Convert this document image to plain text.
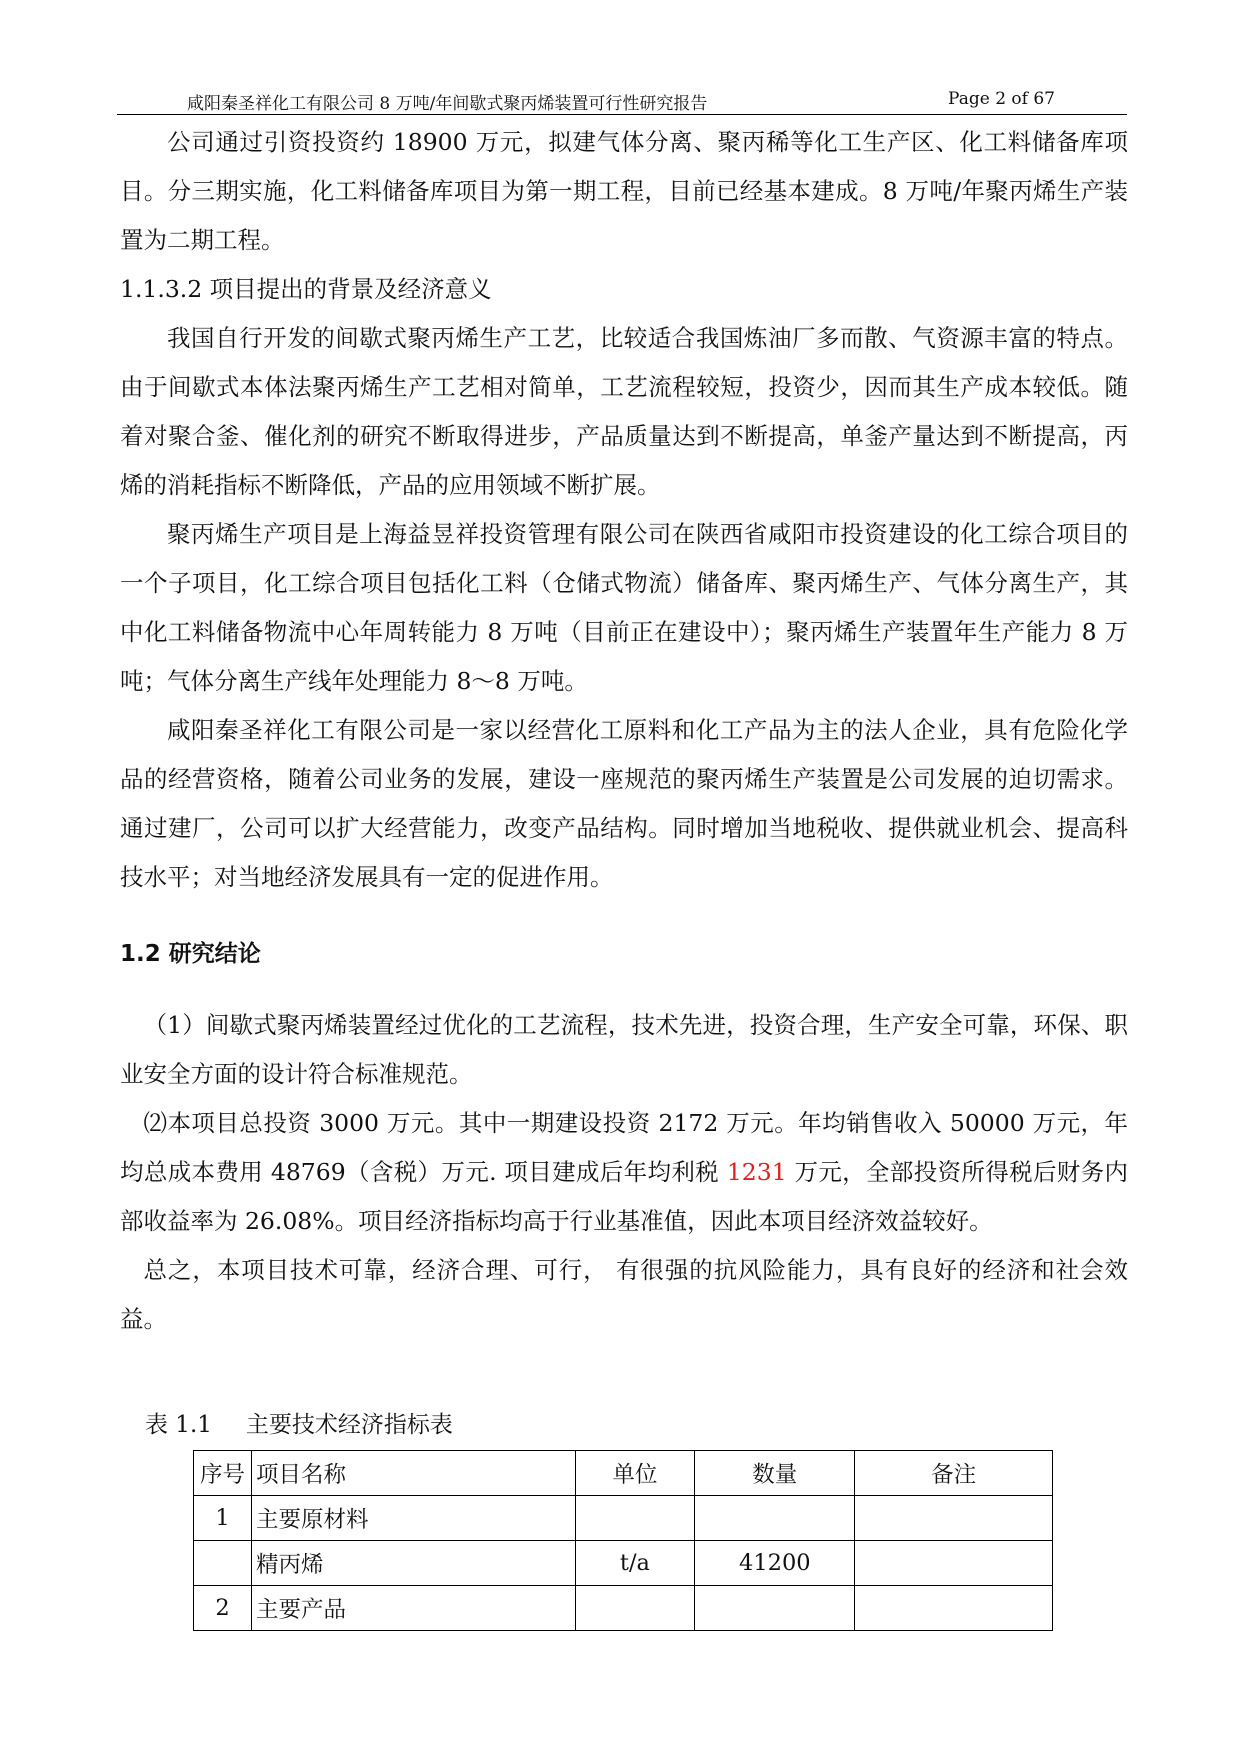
咸阳秦圣祥化工有限公司 8 万吨/年间歇式聚丙烯装置可行性研究报告	Page 2 of 67

公司通过引资投资约 18900 万元，拟建气体分离、聚丙稀等化工生产区、化工料储备库项目。分三期实施，化工料储备库项目为第一期工程，目前已经基本建成。8 万吨/年聚丙烯生产装置为二期工程。

1.1.3.2 项目提出的背景及经济意义

我国自行开发的间歇式聚丙烯生产工艺，比较适合我国炼油厂多而散、气资源丰富的特点。由于间歇式本体法聚丙烯生产工艺相对简单，工艺流程较短，投资少，因而其生产成本较低。随着对聚合釜、催化剂的研究不断取得进步，产品质量达到不断提高，单釜产量达到不断提高，丙烯的消耗指标不断降低，产品的应用领域不断扩展。

聚丙烯生产项目是上海益昱祥投资管理有限公司在陕西省咸阳市投资建设的化工综合项目的一个子项目，化工综合项目包括化工料（仓储式物流）储备库、聚丙烯生产、气体分离生产，其中化工料储备物流中心年周转能力 8 万吨（目前正在建设中）；聚丙烯生产装置年生产能力 8 万吨；气体分离生产线年处理能力 8～8 万吨。

咸阳秦圣祥化工有限公司是一家以经营化工原料和化工产品为主的法人企业，具有危险化学品的经营资格，随着公司业务的发展，建设一座规范的聚丙烯生产装置是公司发展的迫切需求。通过建厂，公司可以扩大经营能力，改变产品结构。同时增加当地税收、提供就业机会、提高科技水平；对当地经济发展具有一定的促进作用。

1.2 研究结论

（1）间歇式聚丙烯装置经过优化的工艺流程，技术先进，投资合理，生产安全可靠，环保、职业安全方面的设计符合标准规范。

⑵本项目总投资 3000 万元。其中一期建设投资 2172 万元。年均销售收入 50000 万元，年均总成本费用 48769（含税）万元. 项目建成后年均利税 1231 万元，全部投资所得税后财务内部收益率为 26.08%。项目经济指标均高于行业基准值，因此本项目经济效益较好。

总之，本项目技术可靠，经济合理、可行， 有很强的抗风险能力，具有良好的经济和社会效益。

表 1.1 主要技术经济指标表
序号	项目名称	单位	数量	备注
1	主要原材料			
	精丙烯	t/a	41200	
2	主要产品			
